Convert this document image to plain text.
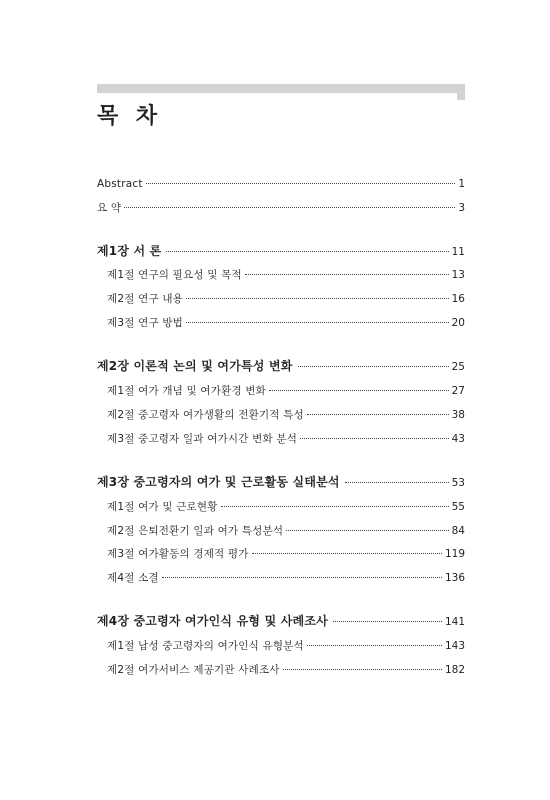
목 차
Abstract	1
요 약	3
제1장 서 론	11
제1절 연구의 필요성 및 목적	13
제2절 연구 내용	16
제3절 연구 방법	20
제2장 이론적 논의 및 여가특성 변화	25
제1절 여가 개념 및 여가환경 변화	27
제2절 중고령자 여가생활의 전환기적 특성	38
제3절 중고령자 일과 여가시간 변화 분석	43
제3장 중고령자의 여가 및 근로활동 실태분석	53
제1절 여가 및 근로현황	55
제2절 은퇴전환기 일과 여가 특성분석	84
제3절 여가활동의 경제적 평가	119
제4절 소결	136
제4장 중고령자 여가인식 유형 및 사례조사	141
제1절 남성 중고령자의 여가인식 유형분석	143
제2절 여가서비스 제공기관 사례조사	182
